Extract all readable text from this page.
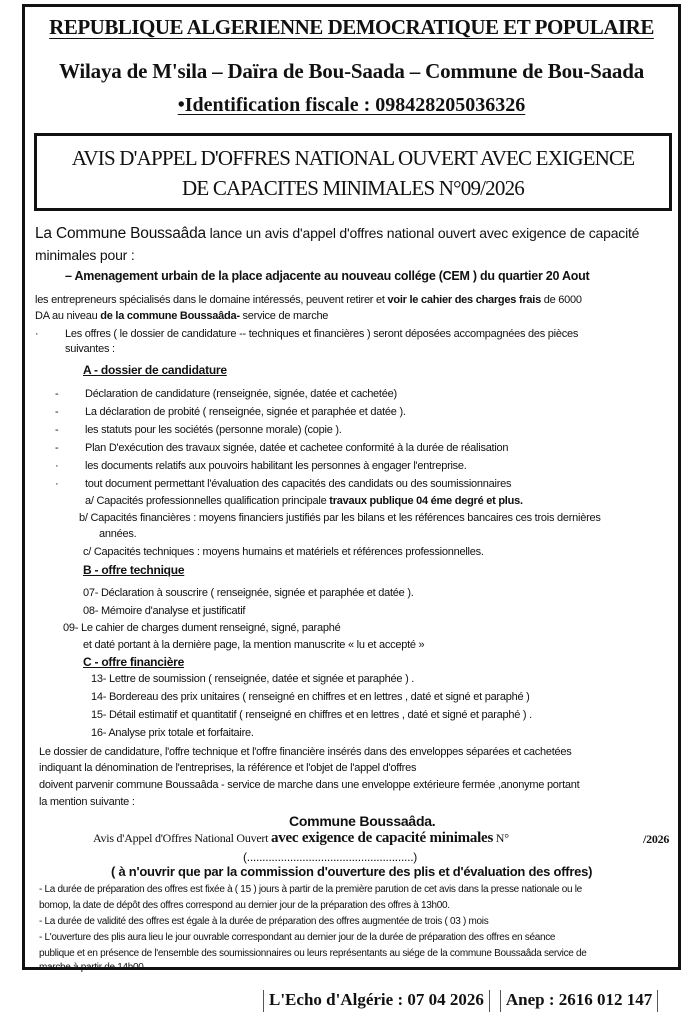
REPUBLIQUE ALGERIENNE DEMOCRATIQUE ET POPULAIRE
Wilaya de M'sila – Daïra de Bou-Saada – Commune de Bou-Saada
•Identification fiscale : 098428205036326
AVIS D'APPEL D'OFFRES NATIONAL OUVERT AVEC EXIGENCE
DE CAPACITES MINIMALES N°09/2026
La Commune Boussaâda lance un avis d'appel d'offres national ouvert avec exigence de capacité
minimales pour :
– Amenagement urbain de la place adjacente au nouveau collége (CEM ) du quartier 20 Aout
les entrepreneurs spécialisés dans le domaine intéressés, peuvent retirer et voir le cahier des charges frais de 6000
DA au niveau de la commune Boussaâda- service de marche
· Les offres ( le dossier de candidature -- techniques et financières ) seront déposées accompagnées des pièces
suivantes :
A - dossier de candidature
- Déclaration de candidature (renseignée, signée, datée et cachetée)
- La déclaration de probité ( renseignée, signée et paraphée et datée ).
- les statuts pour les sociétés (personne morale) (copie ).
- Plan D'exécution des travaux signée, datée et cachetee conformité à la durée de réalisation
· les documents relatifs aux pouvoirs habilitant les personnes à engager l'entreprise.
· tout document permettant l'évaluation des capacités des candidats ou des soumissionnaires
a/ Capacités professionnelles qualification principale travaux publique 04 éme degré et plus.
b/ Capacités financières : moyens financiers justifiés par les bilans et les références bancaires ces trois dernières
années.
c/ Capacités techniques : moyens humains et matériels et références professionnelles.
B - offre technique
07- Déclaration à souscrire ( renseignée, signée et paraphée et datée ).
08- Mémoire d'analyse et justificatif
09- Le cahier de charges dument renseigné, signé, paraphé
et daté portant à la dernière page, la mention manuscrite « lu et accepté »
C - offre financière
13- Lettre de soumission ( renseignée, datée et signée et paraphée ) .
14- Bordereau des prix unitaires ( renseigné en chiffres et en lettres , daté et signé et paraphé )
15- Détail estimatif et quantitatif ( renseigné en chiffres et en lettres , daté et signé et paraphé ) .
16- Analyse prix totale et forfaitaire.
Le dossier de candidature, l'offre technique et l'offre financière insérés dans des enveloppes séparées et cachetées
indiquant la dénomination de l'entreprises, la référence et l'objet de l'appel d'offres
doivent parvenir commune Boussaâda - service de marche dans une enveloppe extérieure fermée ,anonyme portant
la mention suivante :
Commune Boussaâda.
Avis d'Appel d'Offres National Ouvert avec exigence de capacité minimales N°	/2026
(......................................................)
( à n'ouvrir que par la commission d'ouverture des plis et d'évaluation des offres)
- La durée de préparation des offres est fixée à ( 15 ) jours à partir de la première parution de cet avis dans la presse nationale ou le
bomop, la date de dépôt des offres correspond au dernier jour de la préparation des offres à 13h00.
- La durée de validité des offres est égale à la durée de préparation des offres augmentée de trois ( 03 ) mois
- L'ouverture des plis aura lieu le jour ouvrable correspondant au dernier jour de la durée de préparation des offres en séance
publique et en présence de l'ensemble des soumissionnaires ou leurs représentants au siége de la commune Boussaâda service de
marche à partir de 14h00.
L'Echo d'Algérie : 07 04 2026 Anep : 2616 012 147
